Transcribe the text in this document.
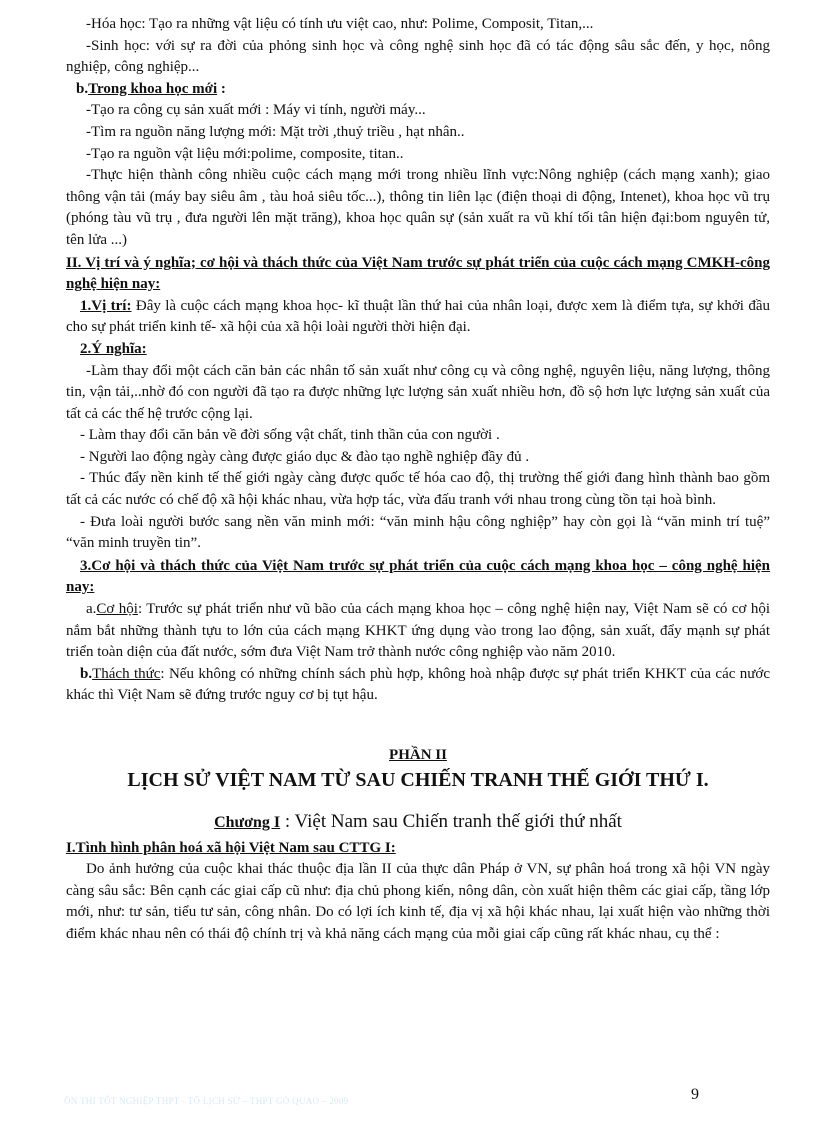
-Hóa học: Tạo ra những vật liệu có tính ưu việt cao, như: Polime, Composit, Titan,...

-Sinh học: với sự ra đời của phỏng sinh học và công nghệ sinh học đã có tác động sâu sắc đến, y học, nông nghiệp, công nghiệp...

b.Trong khoa học mới :

-Tạo ra công cụ sản xuất mới : Máy vi tính, người máy...

-Tìm ra nguồn năng lượng mới: Mặt trời ,thuỷ triều , hạt nhân..

-Tạo ra nguồn vật liệu mới:polime, composite, titan..

-Thực hiện thành công nhiều cuộc cách mạng mới trong nhiều lĩnh vực:Nông nghiệp (cách mạng xanh); giao thông vận tải (máy bay siêu âm , tàu hoả siêu tốc...), thông tin liên lạc (điện thoại di động, Intenet), khoa học vũ trụ (phóng tàu vũ trụ , đưa người lên mặt trăng), khoa học quân sự (sản xuất ra vũ khí tối tân hiện đại:bom nguyên tử, tên lửa ...)

II. Vị trí và ý nghĩa; cơ hội và thách thức của Việt Nam trước sự phát triển của cuộc cách mạng CMKH-công nghệ hiện nay:

1.Vị trí: Đây là cuộc cách mạng khoa học- kĩ thuật lần thứ hai của nhân loại, được xem là điểm tựa, sự khởi đầu cho sự phát triển kinh tế- xã hội của xã hội loài người thời hiện đại.

2.Ý nghĩa:

-Làm thay đổi một cách căn bản các nhân tố sản xuất như công cụ và công nghệ, nguyên liệu, năng lượng, thông tin, vận tải,..nhờ đó con người đã tạo ra được những lực lượng sản xuất nhiều hơn, đồ sộ hơn lực lượng sản xuất của tất cả các thế hệ trước cộng lại.

- Làm thay đổi căn bản về đời sống vật chất, tinh thần của con người .

- Người lao động ngày càng được giáo dục & đào tạo nghề nghiệp đầy đủ .

- Thúc đẩy nền kinh tế thế giới ngày càng được quốc tế hóa cao độ, thị trường thế giới đang hình thành bao gồm tất cả các nước có chế độ xã hội khác nhau, vừa hợp tác, vừa đấu tranh với nhau trong cùng tồn tại hoà bình.

- Đưa loài người bước sang nền văn minh mới: “văn minh hậu công nghiệp” hay còn gọi là “văn minh trí tuệ” “văn minh truyền tin”.

3.Cơ hội và thách thức của Việt Nam trước sự phát triển của cuộc cách mạng khoa học – công nghệ hiện nay:

a.Cơ hội: Trước sự phát triển như vũ bão của cách mạng khoa học – công nghệ hiện nay, Việt Nam sẽ có cơ hội nắm bắt những thành tựu to lớn của cách mạng KHKT ứng dụng vào trong lao động, sản xuất, đẩy mạnh sự phát triển toàn diện của đất nước, sớm đưa Việt Nam trở thành nước công nghiệp vào năm 2010.

b.Thách thức: Nếu không có những chính sách phù hợp, không hoà nhập được sự phát triển KHKT của các nước khác thì Việt Nam sẽ đứng trước nguy cơ bị tụt hậu.

PHẦN II

LỊCH SỬ VIỆT NAM TỪ SAU CHIẾN TRANH THẾ GIỚI THỨ I.

Chương I : Việt Nam sau Chiến tranh thế giới thứ nhất

I.Tình hình phân hoá xã hội Việt Nam sau CTTG I:

Do ảnh hưởng của cuộc khai thác thuộc địa lần II của thực dân Pháp ở VN, sự phân hoá trong xã hội VN ngày càng sâu sắc: Bên cạnh các giai cấp cũ như: địa chủ phong kiến, nông dân, còn xuất hiện thêm các giai cấp, tầng lớp mới, như: tư sản, tiểu tư sản, công nhân. Do có lợi ích kinh tế, địa vị xã hội khác nhau, lại xuất hiện vào những thời điểm khác nhau nên có thái độ chính trị và khả năng cách mạng của mỗi giai cấp cũng rất khác nhau, cụ thể :

ÔN THI TỐT NGHIỆP THPT - TỔ LỊCH SỬ – THPT GÒ QUAO – 2009	9
